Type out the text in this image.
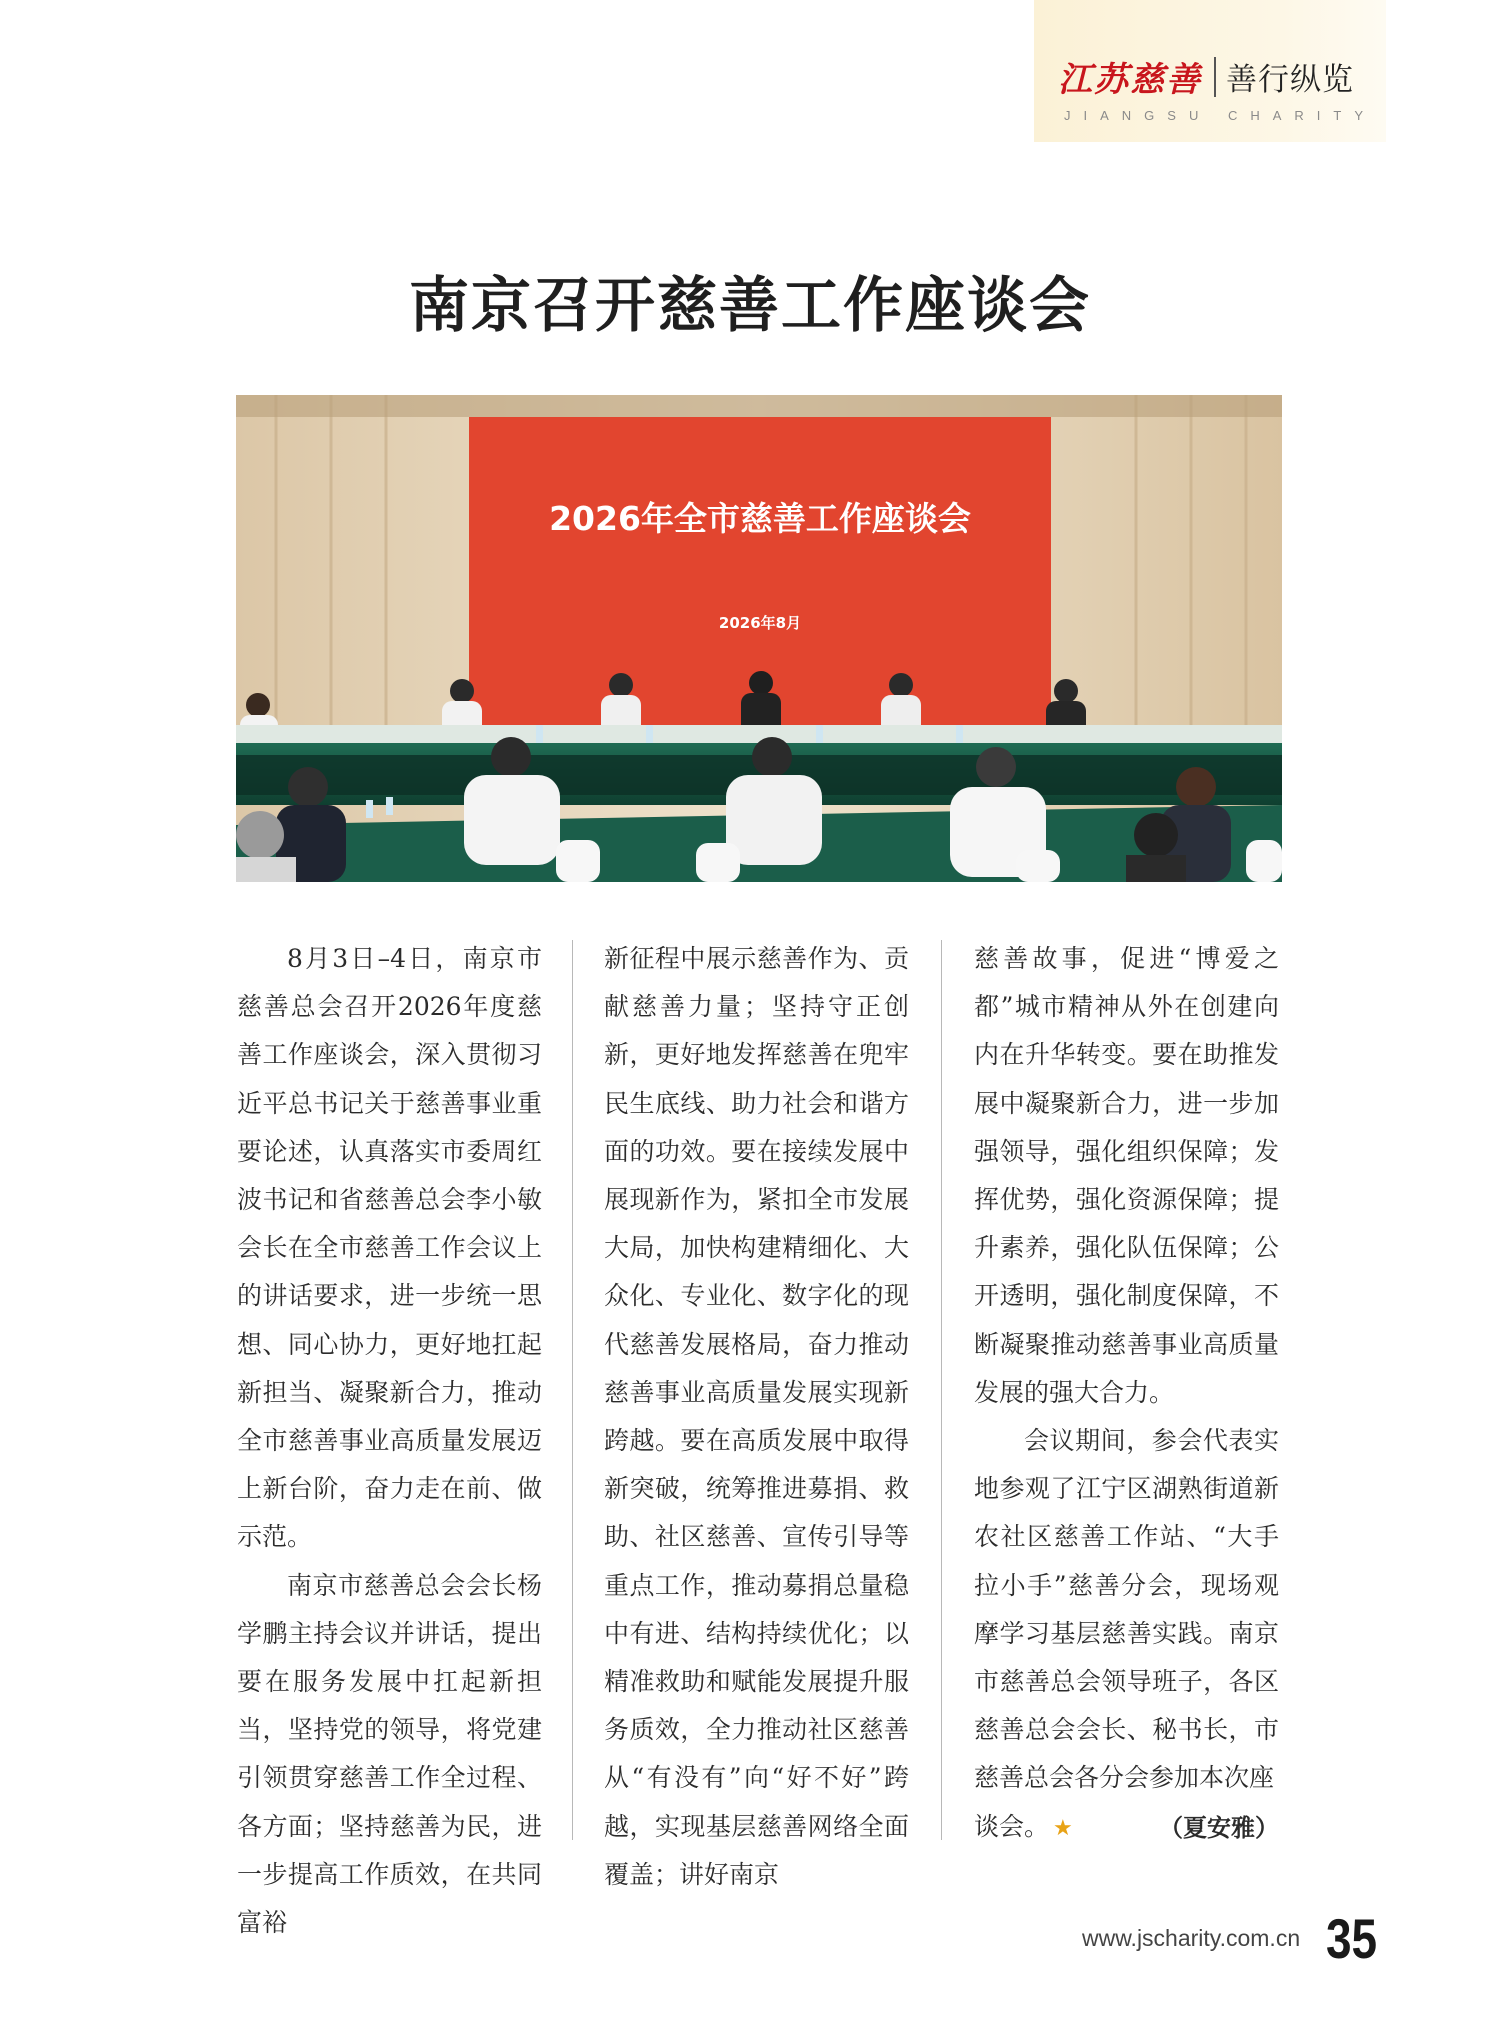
江苏慈善 善行纵览
JIANGSU CHARITY
南京召开慈善工作座谈会
2026年全市慈善工作座谈会
2026年8月

8月3日–4日，南京市慈善总会召开2026年度慈善工作座谈会，深入贯彻习近平总书记关于慈善事业重要论述，认真落实市委周红波书记和省慈善总会李小敏会长在全市慈善工作会议上的讲话要求，进一步统一思想、同心协力，更好地扛起新担当、凝聚新合力，推动全市慈善事业高质量发展迈上新台阶，奋力走在前、做示范。

南京市慈善总会会长杨学鹏主持会议并讲话，提出要在服务发展中扛起新担当，坚持党的领导，将党建引领贯穿慈善工作全过程、各方面；坚持慈善为民，进一步提高工作质效，在共同富裕

新征程中展示慈善作为、贡献慈善力量；坚持守正创新，更好地发挥慈善在兜牢民生底线、助力社会和谐方面的功效。要在接续发展中展现新作为，紧扣全市发展大局，加快构建精细化、大众化、专业化、数字化的现代慈善发展格局，奋力推动慈善事业高质量发展实现新跨越。要在高质发展中取得新突破，统筹推进募捐、救助、社区慈善、宣传引导等重点工作，推动募捐总量稳中有进、结构持续优化；以精准救助和赋能发展提升服务质效，全力推动社区慈善从“有没有”向“好不好”跨越，实现基层慈善网络全面覆盖；讲好南京

慈善故事，促进“博爱之都”城市精神从外在创建向内在升华转变。要在助推发展中凝聚新合力，进一步加强领导，强化组织保障；发挥优势，强化资源保障；提升素养，强化队伍保障；公开透明，强化制度保障，不断凝聚推动慈善事业高质量发展的强大合力。

会议期间，参会代表实地参观了江宁区湖熟街道新农社区慈善工作站、“大手拉小手”慈善分会，现场观摩学习基层慈善实践。南京市慈善总会领导班子，各区慈善总会会长、秘书长，市慈善总会各分会参加本次座

谈会。 ★	（夏安雅）
www.jscharity.com.cn 35
